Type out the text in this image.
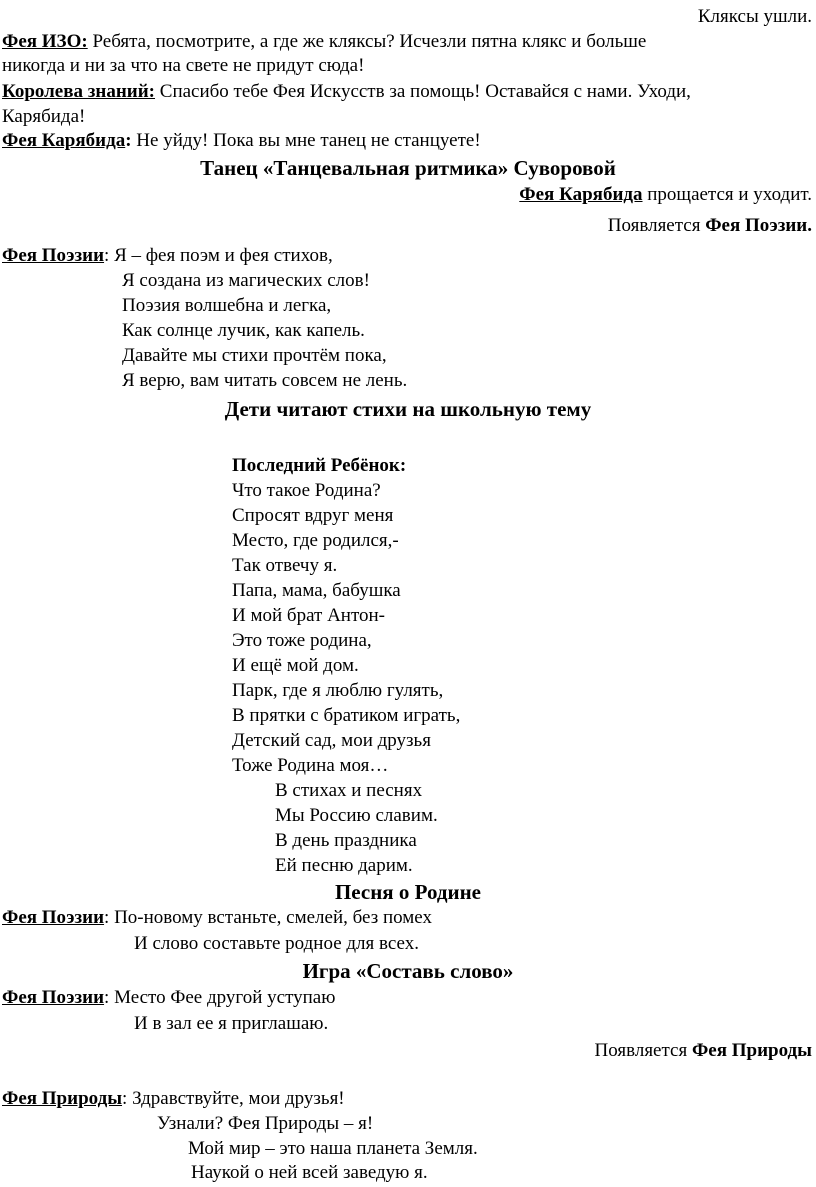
Кляксы ушли.
Фея ИЗО: Ребята, посмотрите, а где же кляксы? Исчезли пятна клякс и больше
никогда и ни за что на свете не придут сюда!
Королева знаний: Спасибо тебе Фея Искусств за помощь! Оставайся с нами. Уходи,
Карябида!
Фея Карябида: Не уйду! Пока вы мне танец не станцуете!
Танец «Танцевальная ритмика» Суворовой
Фея Карябида прощается и уходит.
Появляется Фея Поэзии.
Фея Поэзии: Я – фея поэм и фея стихов,
Я создана из магических слов!
Поэзия волшебна и легка,
Как солнце лучик, как капель.
Давайте мы стихи прочтём пока,
Я верю, вам читать совсем не лень.
Дети читают стихи на школьную тему
Последний Ребёнок:
Что такое Родина?
Спросят вдруг меня
Место, где родился,-
Так отвечу я.
Папа, мама, бабушка
И мой брат Антон-
Это тоже родина,
И ещё мой дом.
Парк, где я люблю гулять,
В прятки с братиком играть,
Детский сад, мои друзья
Тоже Родина моя…
В стихах и песнях
Мы Россию славим.
В день праздника
Ей песню дарим.
Песня о Родине
Фея Поэзии: По-новому встаньте, смелей, без помех
И слово составьте родное для всех.
Игра «Составь слово»
Фея Поэзии: Место Фее другой уступаю
И в зал ее я приглашаю.
Появляется Фея Природы
Фея Природы: Здравствуйте, мои друзья!
Узнали? Фея Природы – я!
Мой мир – это наша планета Земля.
Наукой о ней всей заведую я.
